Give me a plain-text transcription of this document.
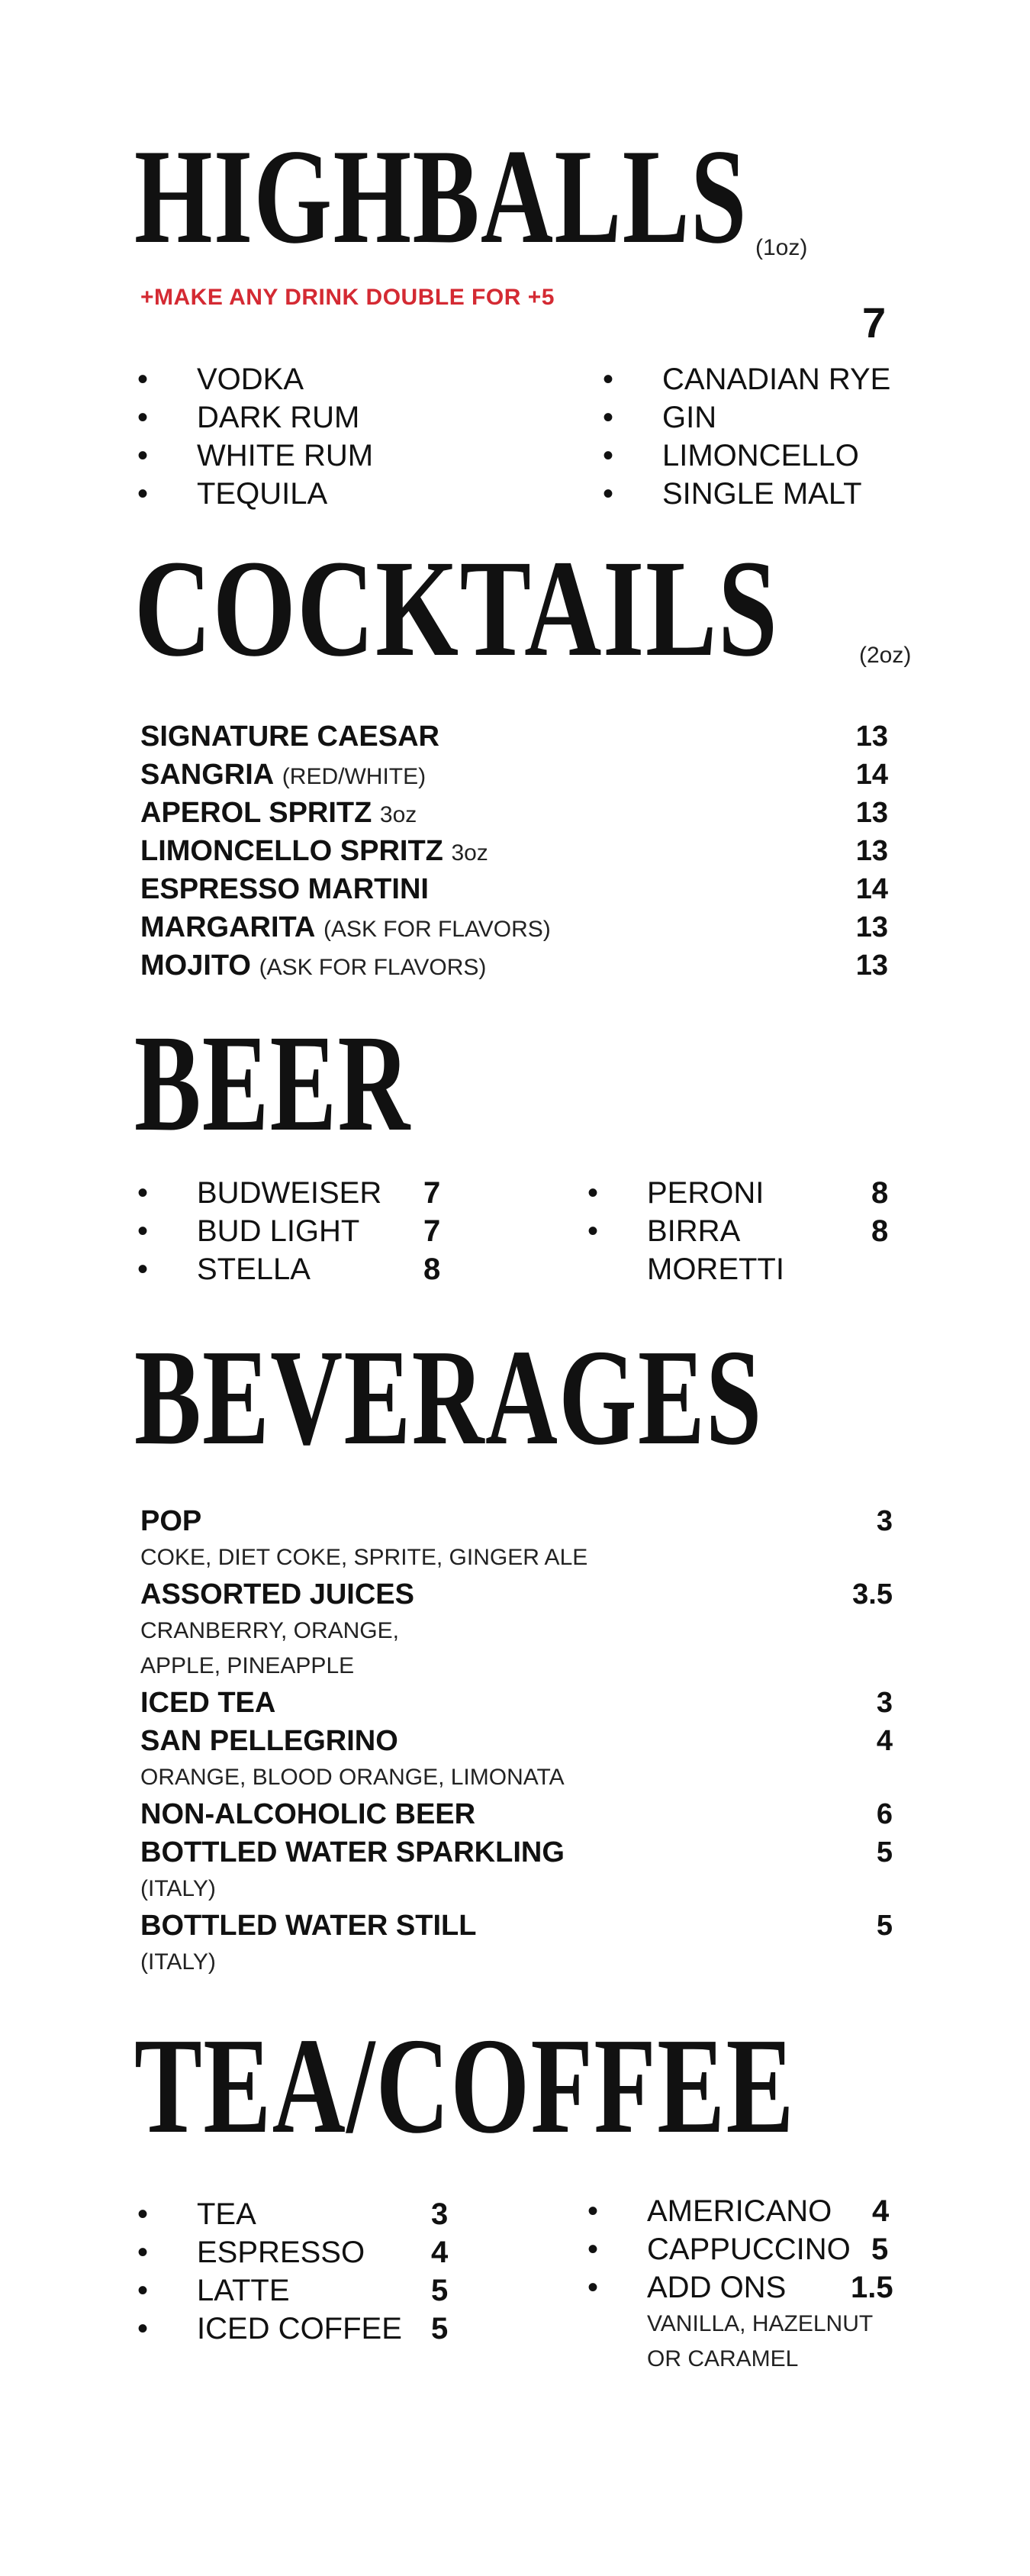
HIGHBALLS (1oz)
+MAKE ANY DRINK DOUBLE FOR +5
7
• VODKA
• DARK RUM
• WHITE RUM
• TEQUILA
• CANADIAN RYE
• GIN
• LIMONCELLO
• SINGLE MALT
COCKTAILS	(2oz)
SIGNATURE CAESAR	13
SANGRIA (RED/WHITE)	14
APEROL SPRITZ 3oz	13
LIMONCELLO SPRITZ 3oz	13
ESPRESSO MARTINI	14
MARGARITA (ASK FOR FLAVORS)	13
MOJITO (ASK FOR FLAVORS)	13
BEER
• BUDWEISER 7
• BUD LIGHT 7
• STELLA	8
• PERONI	8
• BIRRA	8
MORETTI
BEVERAGES
POP	3
COKE, DIET COKE, SPRITE, GINGER ALE
ASSORTED JUICES	3.5
CRANBERRY, ORANGE,
APPLE, PINEAPPLE
ICED TEA	3
SAN PELLEGRINO	4
ORANGE, BLOOD ORANGE, LIMONATA
NON-ALCOHOLIC BEER	6
BOTTLED WATER SPARKLING	5
(ITALY)
BOTTLED WATER STILL	5
(ITALY)
TEA/COFFEE
• TEA	3
• ESPRESSO 4
• LATTE	5
• ICED COFFEE 5
• AMERICANO 4
• CAPPUCCINO 5
• ADD ONS 1.5
VANILLA, HAZELNUT
OR CARAMEL
